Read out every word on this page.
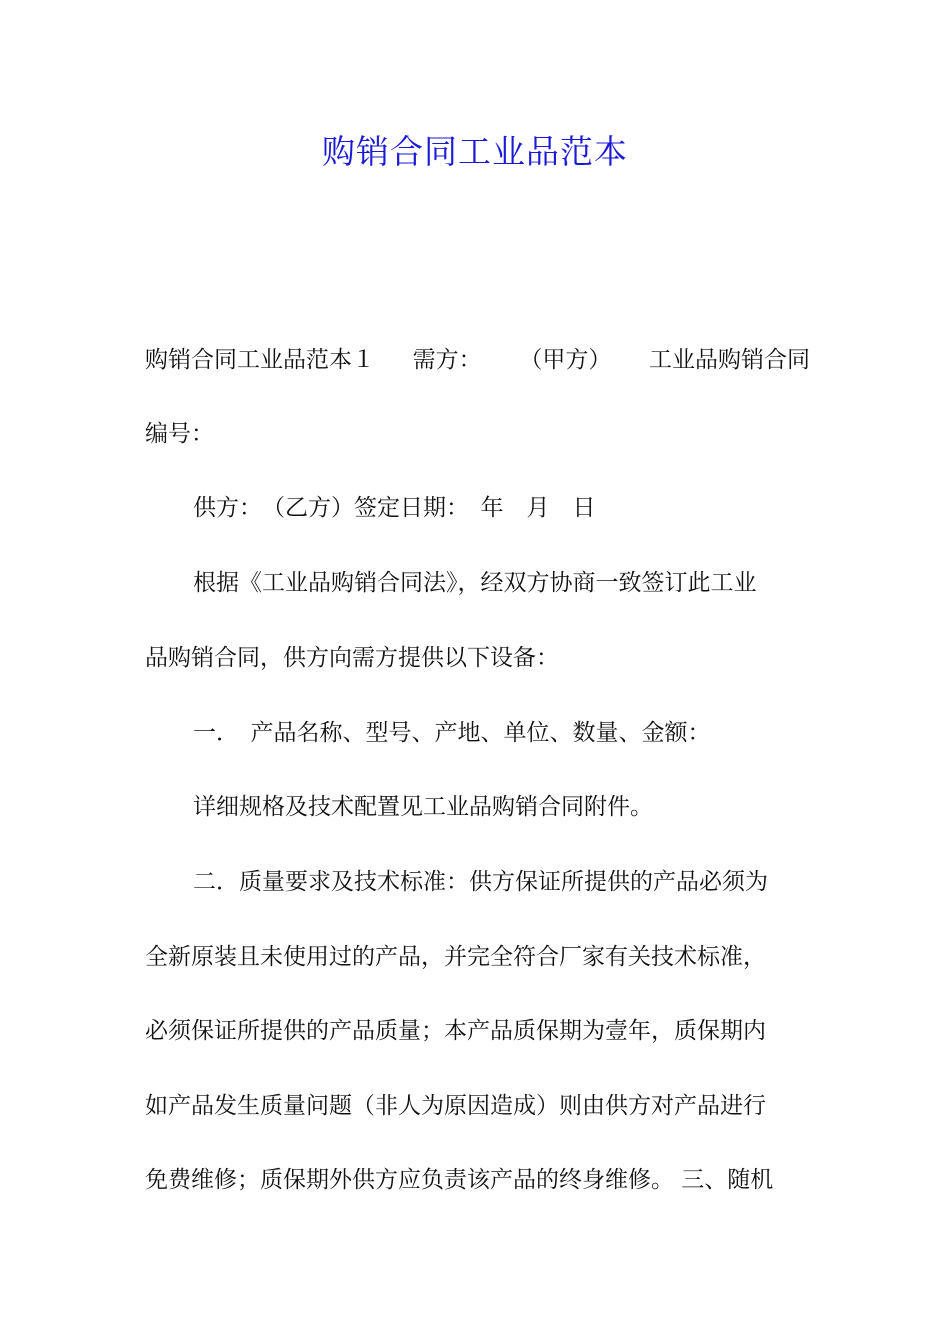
购销合同工业品范本
购销合同工业品范本１ 需方： （甲方） 工业品购销合同
编号：
供方：　（乙方）签定日期：　年　月　日
根据《工业品购销合同法》，经双方协商一致签订此工业
品购销合同，供方向需方提供以下设备：
一．　产品名称、型号、产地、单位、数量、金额：
详细规格及技术配置见工业品购销合同附件。
二．质量要求及技术标准：供方保证所提供的产品必须为
全新原装且未使用过的产品，并完全符合厂家有关技术标准，
必须保证所提供的产品质量；本产品质保期为壹年，质保期内
如产品发生质量问题（非人为原因造成）则由供方对产品进行
免费维修；质保期外供方应负责该产品的终身维修。 三、随机
